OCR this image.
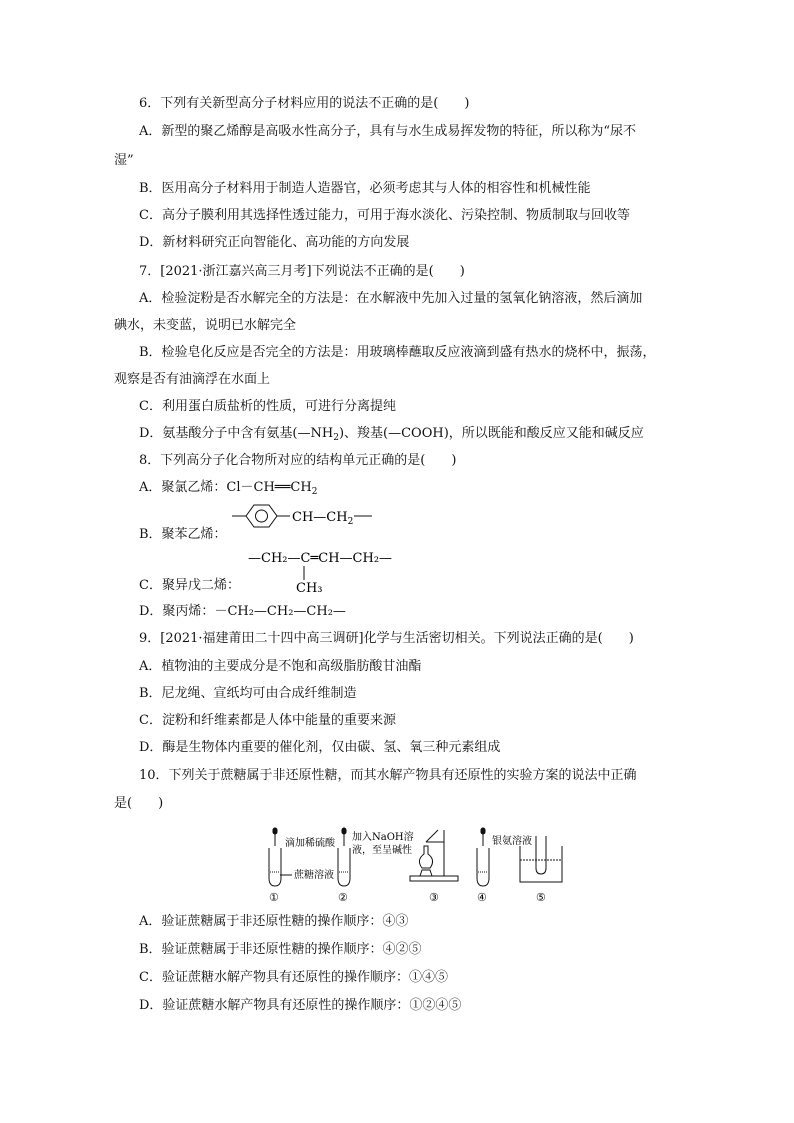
6．下列有关新型高分子材料应用的说法不正确的是(　　)
A．新型的聚乙烯醇是高吸水性高分子，具有与水生成易挥发物的特征，所以称为“尿不
湿”
B．医用高分子材料用于制造人造器官，必须考虑其与人体的相容性和机械性能
C．高分子膜利用其选择性透过能力，可用于海水淡化、污染控制、物质制取与回收等
D．新材料研究正向智能化、高功能的方向发展
7．[2021·浙江嘉兴高三月考]下列说法不正确的是(　　)
A．检验淀粉是否水解完全的方法是：在水解液中先加入过量的氢氧化钠溶液，然后滴加
碘水，未变蓝，说明已水解完全
B．检验皂化反应是否完全的方法是：用玻璃棒蘸取反应液滴到盛有热水的烧杯中，振荡，
观察是否有油滴浮在水面上
C．利用蛋白质盐析的性质，可进行分离提纯
D．氨基酸分子中含有氨基$(—NH_2)$、羧基(—COOH)，所以既能和酸反应又能和碱反应
8．下列高分子化合物所对应的结构单元正确的是(　　)
A．聚氯乙烯：$Cl-CH══CH_2$
B．聚苯乙烯：
$CH—CH_2$
—CH₂—C═CH—CH₂—
CH₃
C．聚异戊二烯：
D．聚丙烯：－CH₂—CH₂—CH₂—
9．[2021·福建莆田二十四中高三调研]化学与生活密切相关。下列说法正确的是(　　)
A．植物油的主要成分是不饱和高级脂肪酸甘油酯
B．尼龙绳、宣纸均可由合成纤维制造
C．淀粉和纤维素都是人体中能量的重要来源
D．酶是生物体内重要的催化剂，仅由碳、氢、氧三种元素组成
10．下列关于蔗糖属于非还原性糖，而其水解产物具有还原性的实验方案的说法中正确
是(　　)
滴加稀硫酸
蔗糖溶液
加入NaOH溶
液，至呈碱性
银氨溶液
①	②	③	④	⑤
A．验证蔗糖属于非还原性糖的操作顺序：④③
B．验证蔗糖属于非还原性糖的操作顺序：④②⑤
C．验证蔗糖水解产物具有还原性的操作顺序：①④⑤
D．验证蔗糖水解产物具有还原性的操作顺序：①②④⑤
